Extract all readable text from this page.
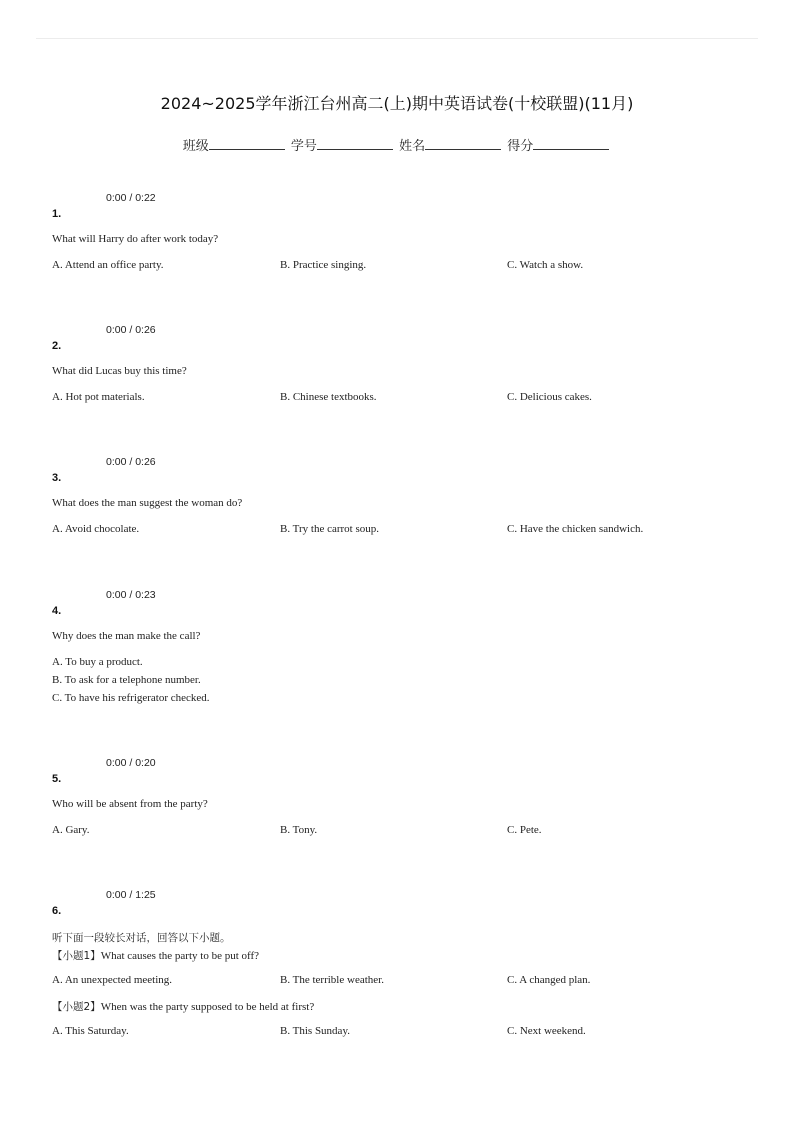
2024~2025学年浙江台州高二(上)期中英语试卷(十校联盟)(11月)
班级	学号	姓名	得分
0:00 / 0:22
1.
What will Harry do after work today?
A. Attend an office party.	B. Practice singing.	C. Watch a show.
0:00 / 0:26
2.
What did Lucas buy this time?
A. Hot pot materials.	B. Chinese textbooks.	C. Delicious cakes.
0:00 / 0:26
3.
What does the man suggest the woman do?
A. Avoid chocolate.	B. Try the carrot soup.	C. Have the chicken sandwich.
0:00 / 0:23
4.
Why does the man make the call?
A. To buy a product.
B. To ask for a telephone number.
C. To have his refrigerator checked.
0:00 / 0:20
5.
Who will be absent from the party?
A. Gary.	B. Tony.	C. Pete.
0:00 / 1:25
6.
听下面一段较长对话，回答以下小题。
【小题1】What causes the party to be put off?
A. An unexpected meeting.	B. The terrible weather.	C. A changed plan.
【小题2】When was the party supposed to be held at first?
A. This Saturday.	B. This Sunday.	C. Next weekend.
